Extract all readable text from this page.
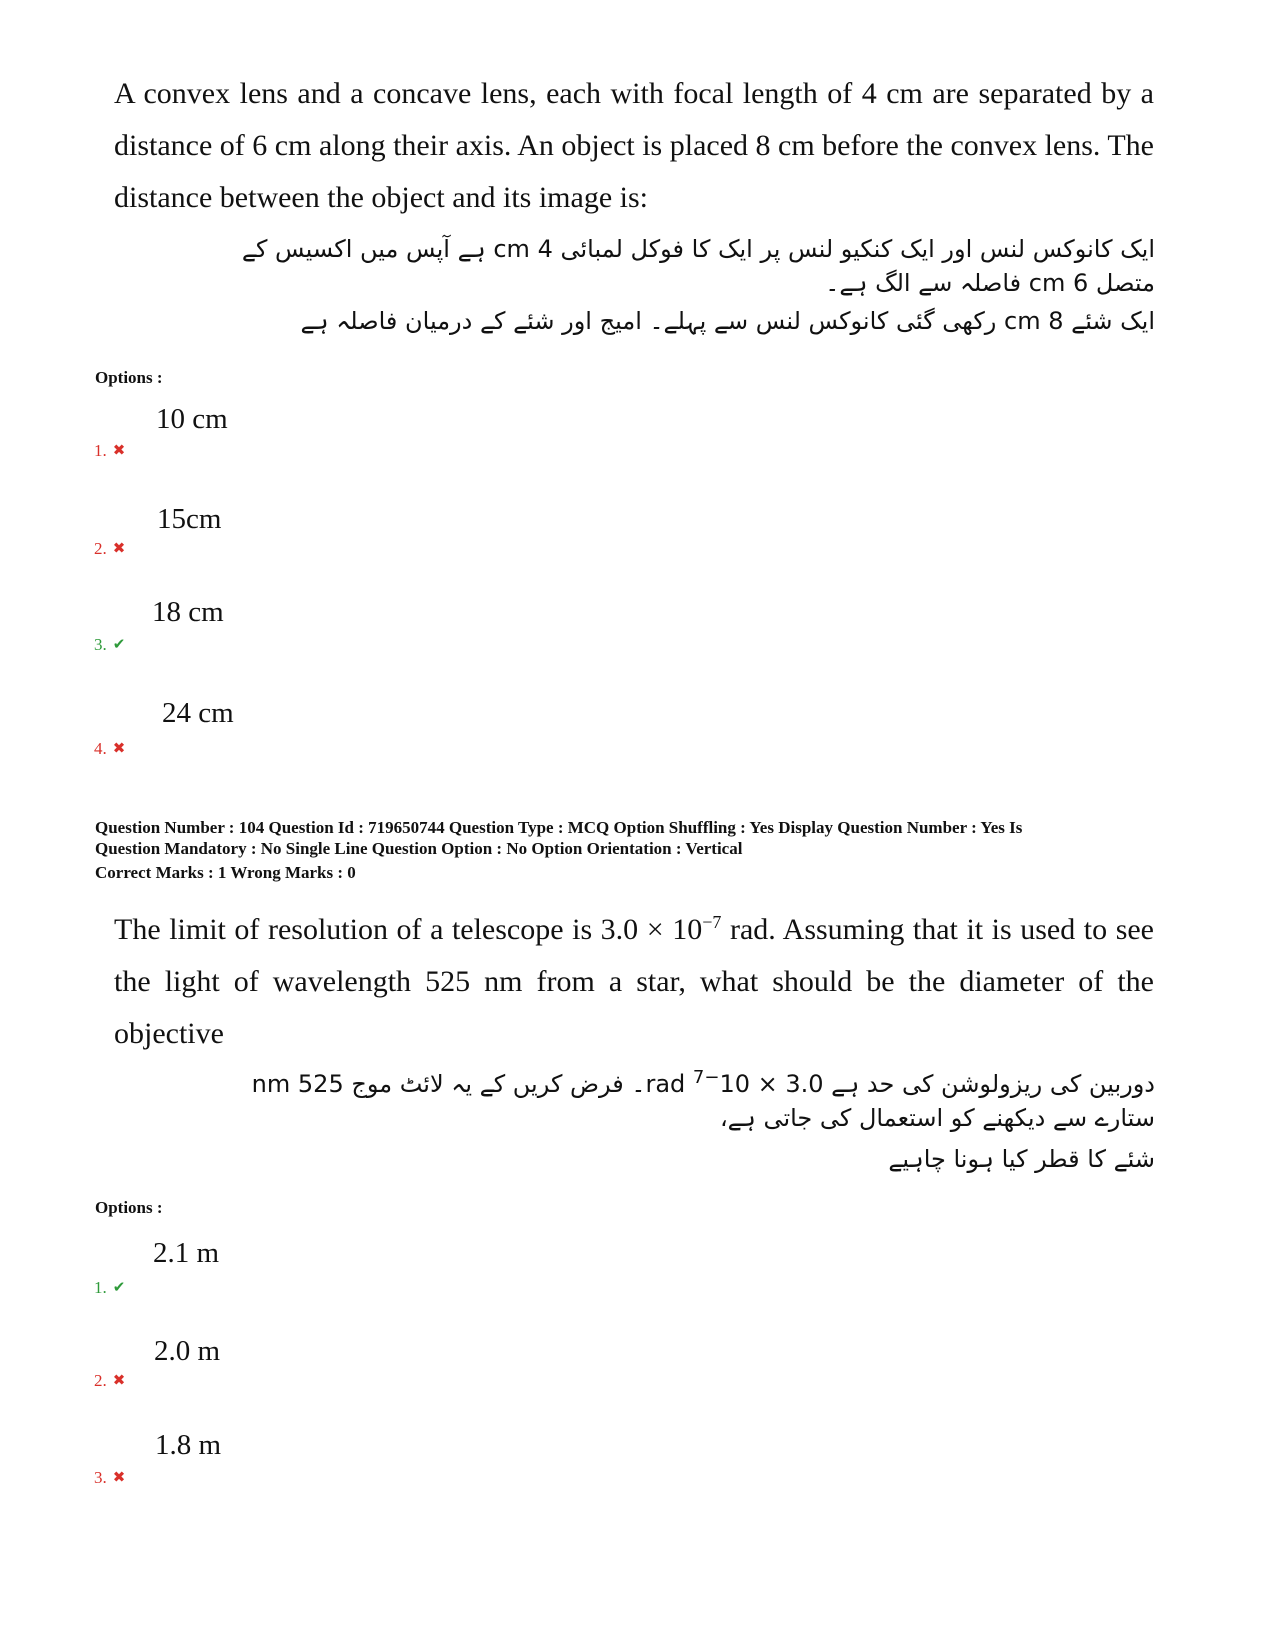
A convex lens and a concave lens, each with focal length of 4 cm are separated by a distance of 6 cm along their axis. An object is placed 8 cm before the convex lens. The distance between the object and its image is:
ایک کانوکس لنس اور ایک کنکیو لنس پر ایک کا فوکل لمبائی 4 cm ہے آپس میں اکسیس کے متصل 6 cm فاصلہ سے الگ ہے۔
ایک شئے 8 cm رکھی گئی کانوکس لنس سے پہلے۔ امیج اور شئے کے درمیان فاصلہ ہے
Options :
10 cm
1. ✖
15cm
2. ✖
18 cm
3. ✔
24 cm
4. ✖
Question Number : 104 Question Id : 719650744 Question Type : MCQ Option Shuffling : Yes Display Question Number : Yes Is
Question Mandatory : No Single Line Question Option : No Option Orientation : Vertical
Correct Marks : 1 Wrong Marks : 0
The limit of resolution of a telescope is $3.0 \times 10^{-7}$ rad. Assuming that it is used to see the light of wavelength 525 nm from a star, what should be the diameter of the objective
دوربین کی ریزولوشن کی حد ہے $3.0 \times 10^{-7}$ rad۔ فرض کریں کے یہ لائٹ موج 525 nm ستارے سے دیکھنے کو استعمال کی جاتی ہے،
شئے کا قطر کیا ہونا چاہیے
Options :
2.1 m
1. ✔
2.0 m
2. ✖
1.8 m
3. ✖
